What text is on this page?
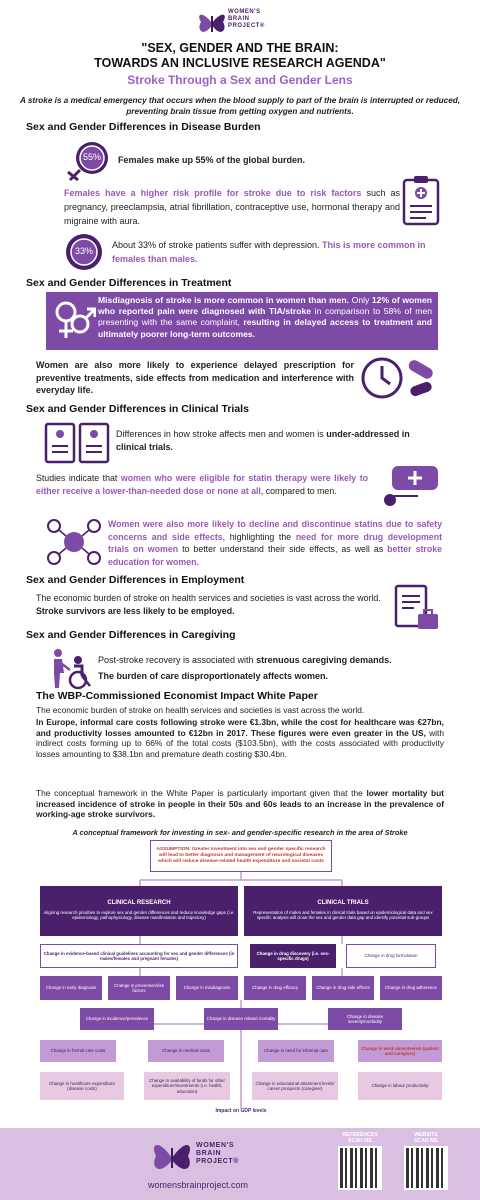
WOMEN'S
BRAIN
PROJECT®
"SEX, GENDER AND THE BRAIN:
TOWARDS AN INCLUSIVE RESEARCH AGENDA"
Stroke Through a Sex and Gender Lens
A stroke is a medical emergency that occurs when the blood supply to part of the brain is interrupted or reduced, preventing brain tissue from getting oxygen and nutrients.
Sex and Gender Differences in Disease Burden
55%	Females make up 55% of the global burden.
Females have a higher risk profile for stroke due to risk factors such as pregnancy, preeclampsia, atrial fibrillation, contraceptive use, hormonal therapy and migraine with aura.
33%
About 33% of stroke patients suffer with depression. This is more common in females than males.
Sex and Gender Differences in Treatment
Misdiagnosis of stroke is more common in women than men. Only 12% of women who reported pain were diagnosed with TIA/stroke in comparison to 58% of men presenting with the same complaint, resulting in delayed access to treatment and ultimately poorer long-term outcomes.
Women are also more likely to experience delayed prescription for preventive treatments, side effects from medication and interference with everyday life.
Sex and Gender Differences in Clinical Trials
Differences in how stroke affects men and women is under-addressed in clinical trials.
Studies indicate that women who were eligible for statin therapy were likely to either receive a lower-than-needed dose or none at all, compared to men.
Women were also more likely to decline and discontinue statins due to safety concerns and side effects, highlighting the need for more drug development trials on women to better understand their side effects, as well as better stroke education for women.
Sex and Gender Differences in Employment
The economic burden of stroke on health services and societies is vast across the world. Stroke survivors are less likely to be employed.
Sex and Gender Differences in Caregiving
Post-stroke recovery is associated with strenuous caregiving demands.
The burden of care disproportionately affects women.
The WBP-Commissioned Economist Impact White Paper
The economic burden of stroke on health services and societies is vast across the world.
In Europe, informal care costs following stroke were €1.3bn, while the cost for healthcare was €27bn, and productivity losses amounted to €12bn in 2017. These figures were even greater in the US, with indirect costs forming up to 66% of the total costs ($103.5bn), with the costs associated with productivity losses amounting to $38.1bn and premature death costing $30.4bn.
The conceptual framework in the White Paper is particularly important given that the lower mortality but increased incidence of stroke in people in their 50s and 60s leads to an increase in the prevalence of working-age stroke survivors.
A conceptual framework for investing in sex- and gender-specific research in the area of Stroke
ASSUMPTION: Greater investment into sex and gender specific research will lead to better diagnosis and management of neurological diseases which will reduce disease-related health expenditure and societal costs
CLINICAL RESEARCH
Aligning research priorities to explore sex and gender differences and reduce knowledge gaps (i.e. epidemiology, pathophysiology, disease manifestation and trajectory)
CLINICAL TRIALS
Representation of males and females in clinical trials based on epidemiological data and sex specific analysis will close the sex and gender data gap and identify potential sub-groups
Change in evidence-based clinical guidelines accounting for sex and gender differences (in males/females and pregnant females)
Change in drug discovery (i.e. sex-specific drugs)
Change in drug formulation
Change in early diagnosis
Change in prevention/risk factors
Change in misdiagnosis	Change in drug efficacy	Change in drug side effects	Change in drug adherence
Change in incidence/prevalence	Change in disease related mortality
Change in disease severity/morbidity
Change in formal care costs	Change in medical costs	Change in need for informal care
Change in work absenteeism (patient and caregiver)
Change in healthcare expenditure (disease costs)
Change in availability of funds for other expenditure/investments (i.e. health, education)
Change in educational attainment levels/ career prospects (caregiver)
Change in labour productivity
Impact on GDP levels
WOMEN'S
BRAIN
PROJECT®
womensbrainproject.com
REFERENCES
SCAN ME
WEBSITE
SCAN ME
